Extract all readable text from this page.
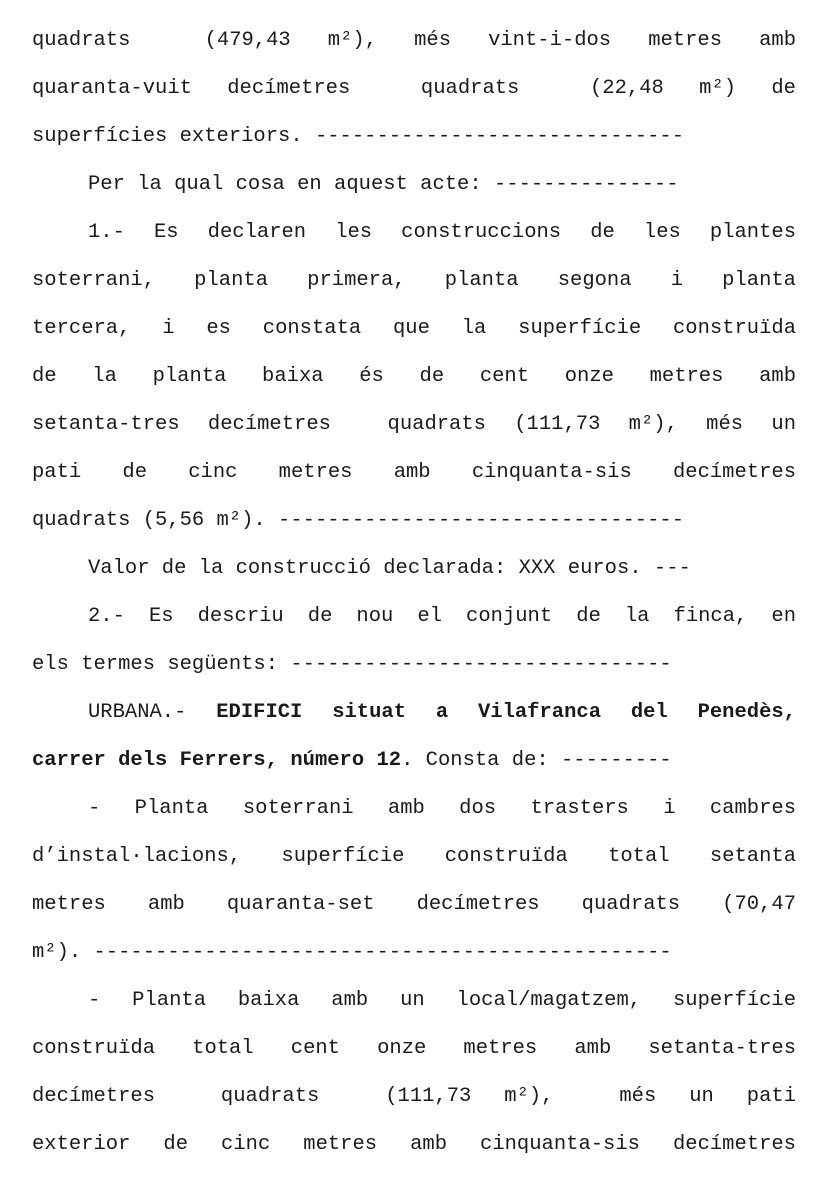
quadrats  (479,43 m²), més vint-i-dos metres amb
quaranta-vuit decímetres  quadrats  (22,48 m²) de
superfícies exteriors. ------------------------------
Per la qual cosa en aquest acte: ---------------
1.- Es declaren les construccions de les plantes
soterrani, planta primera, planta segona i planta
tercera, i es constata que la superfície construïda
de la planta baixa és de cent onze metres amb
setanta-tres decímetres  quadrats (111,73 m²), més un
pati de cinc metres amb cinquanta-sis decímetres
quadrats (5,56 m²). ---------------------------------
Valor de la construcció declarada: XXX euros. ---
2.- Es descriu de nou el conjunt de la finca, en
els termes següents: -------------------------------
URBANA.- EDIFICI situat a Vilafranca del Penedès,
carrer dels Ferrers, número 12. Consta de: ---------
- Planta soterrani amb dos trasters i cambres
d’instal·lacions, superfície construïda total setanta
metres amb quaranta-set decímetres quadrats (70,47
m²). -----------------------------------------------
- Planta baixa amb un local/magatzem, superfície
construïda total cent onze metres amb setanta-tres
decímetres  quadrats  (111,73 m²),  més un pati
exterior de cinc metres amb cinquanta-sis decímetres
